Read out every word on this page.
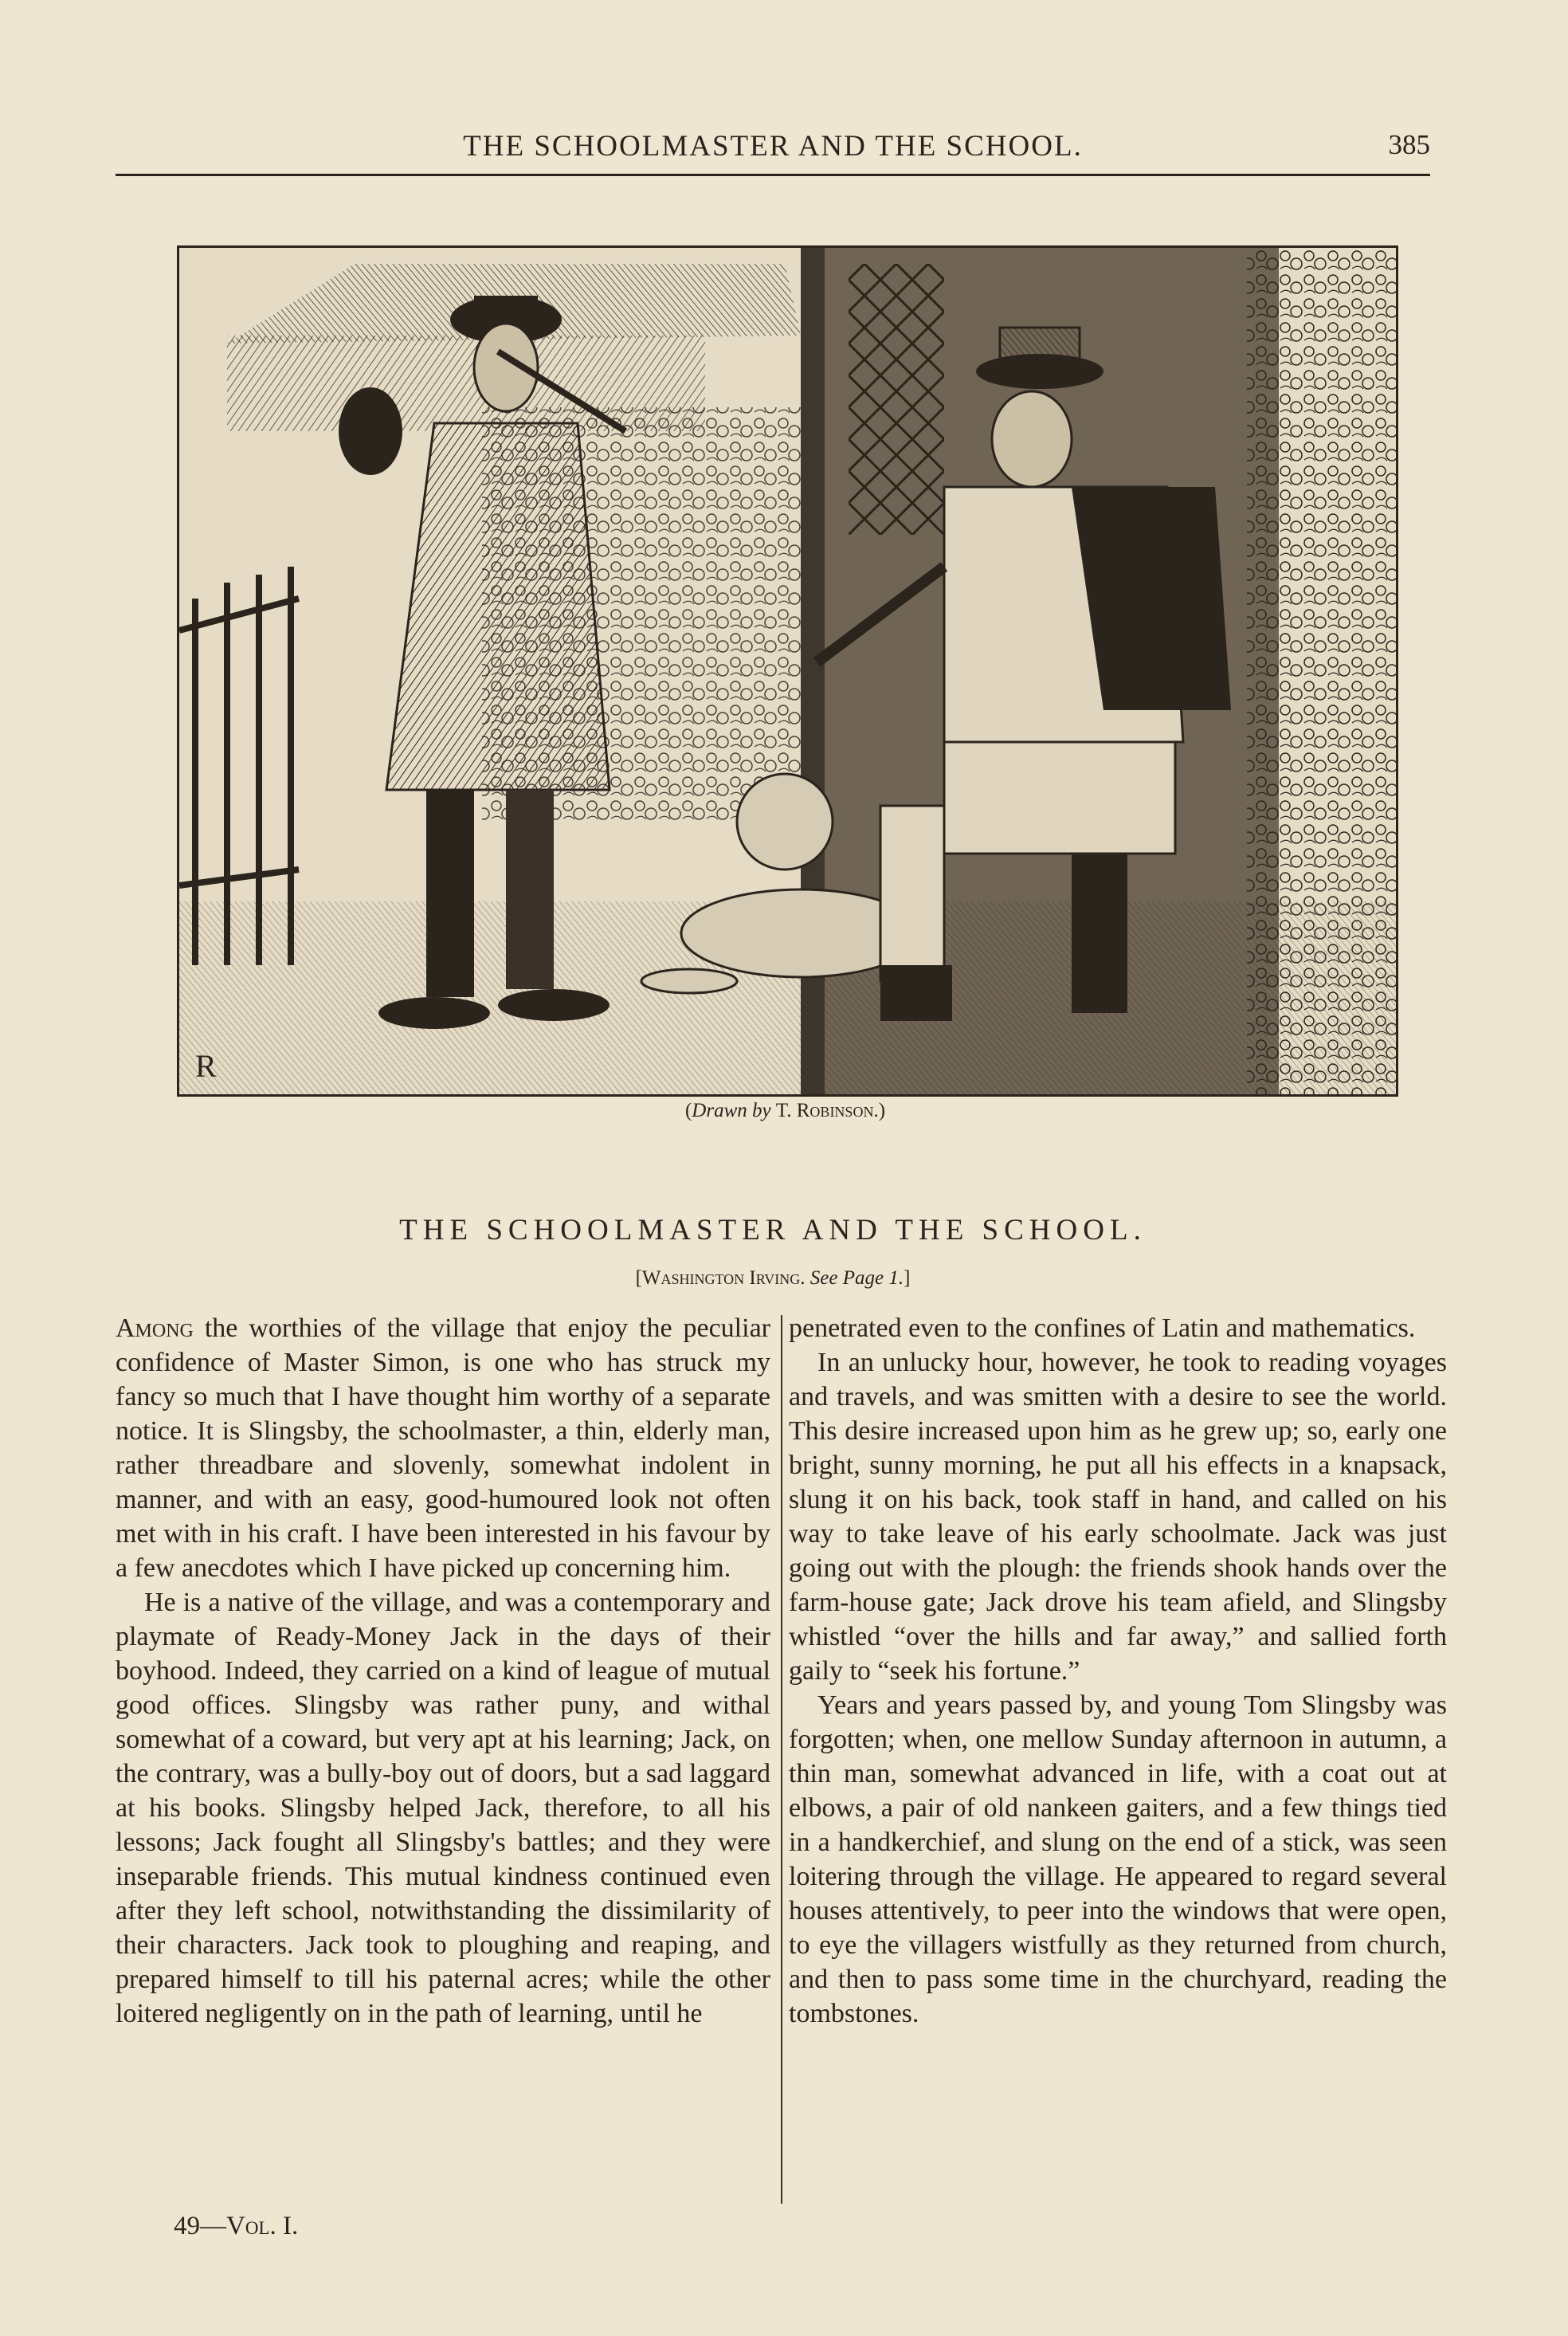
THE SCHOOLMASTER AND THE SCHOOL.	385
R
(Drawn by T. Robinson.)
THE SCHOOLMASTER AND THE SCHOOL.
[Washington Irving. See Page 1.]

Among the worthies of the village that enjoy the peculiar confidence of Master Simon, is one who has struck my fancy so much that I have thought him worthy of a separate notice. It is Slingsby, the schoolmaster, a thin, elderly man, rather threadbare and slovenly, somewhat indolent in manner, and with an easy, good-humoured look not often met with in his craft. I have been interested in his favour by a few anecdotes which I have picked up concerning him.

He is a native of the village, and was a contemporary and playmate of Ready-Money Jack in the days of their boyhood. Indeed, they carried on a kind of league of mutual good offices. Slingsby was rather puny, and withal somewhat of a coward, but very apt at his learning; Jack, on the contrary, was a bully-boy out of doors, but a sad laggard at his books. Slingsby helped Jack, therefore, to all his lessons; Jack fought all Slingsby's battles; and they were inseparable friends. This mutual kindness continued even after they left school, notwithstanding the dissimilarity of their characters. Jack took to ploughing and reaping, and prepared himself to till his paternal acres; while the other loitered negligently on in the path of learning, until he

penetrated even to the confines of Latin and mathematics.

In an unlucky hour, however, he took to reading voyages and travels, and was smitten with a desire to see the world. This desire increased upon him as he grew up; so, early one bright, sunny morning, he put all his effects in a knapsack, slung it on his back, took staff in hand, and called on his way to take leave of his early schoolmate. Jack was just going out with the plough: the friends shook hands over the farm-house gate; Jack drove his team afield, and Slingsby whistled “over the hills and far away,” and sallied forth gaily to “seek his fortune.”

Years and years passed by, and young Tom Slingsby was forgotten; when, one mellow Sunday afternoon in autumn, a thin man, somewhat advanced in life, with a coat out at elbows, a pair of old nankeen gaiters, and a few things tied in a handkerchief, and slung on the end of a stick, was seen loitering through the village. He appeared to regard several houses attentively, to peer into the windows that were open, to eye the villagers wistfully as they returned from church, and then to pass some time in the churchyard, reading the tombstones.

49—Vol. I.
